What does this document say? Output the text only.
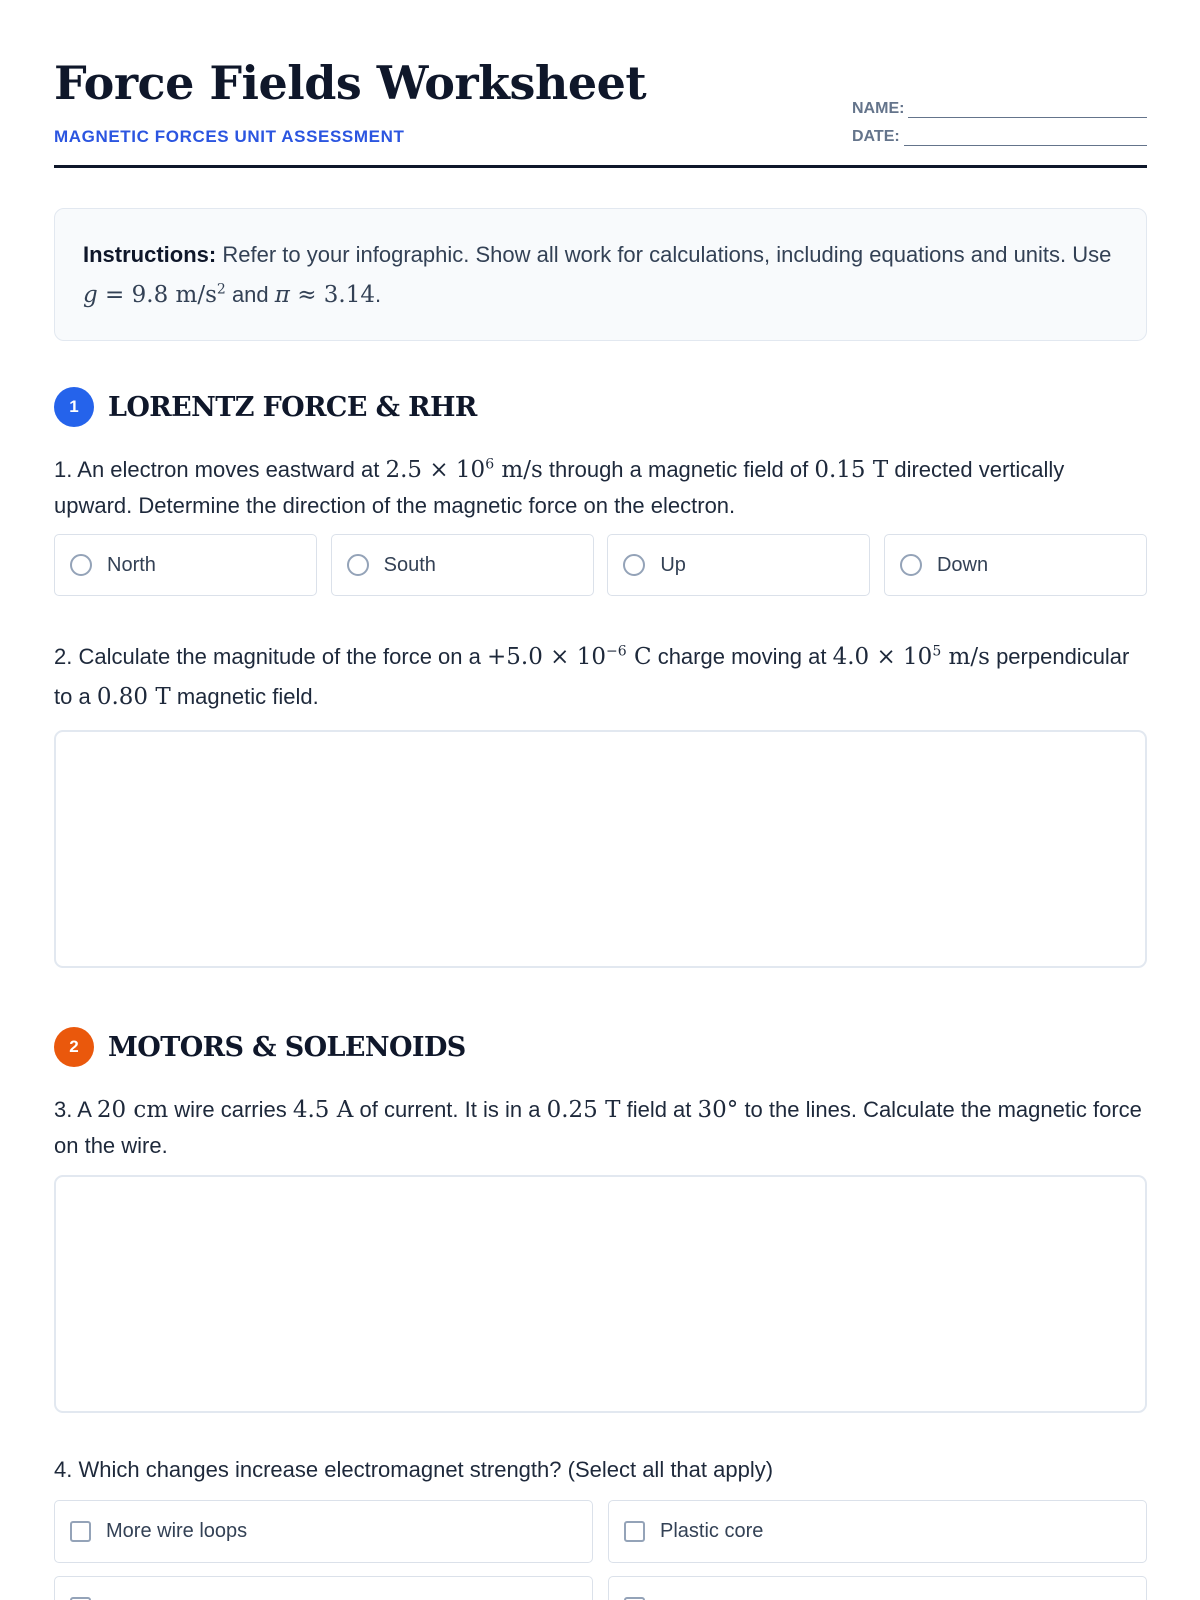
Force Fields Worksheet
MAGNETIC FORCES UNIT ASSESSMENT
NAME:
DATE:
Instructions: Refer to your infographic. Show all work for calculations, including equations and units. Use g = 9.8 $m/s^2$ and π ≈ 3.14.
1	LORENTZ FORCE & RHR
1. An electron moves eastward at $2.5 \times 10^6$ m/s through a magnetic field of 0.15 T directed vertically upward. Determine the direction of the magnetic force on the electron.
North	South	Up	Down
2. Calculate the magnitude of the force on $a +5.0 \times 10^{-6}$ C charge moving at $4.0 \times 10^5$ m/s perpendicular to a 0.80 T magnetic field.
2	MOTORS & SOLENOIDS
3. A 20 cm wire carries 4.5 A of current. It is in a 0.25 T field at 30° to the lines. Calculate the magnetic force on the wire.
4. Which changes increase electromagnet strength? (Select all that apply)
More wire loops	Plastic core
